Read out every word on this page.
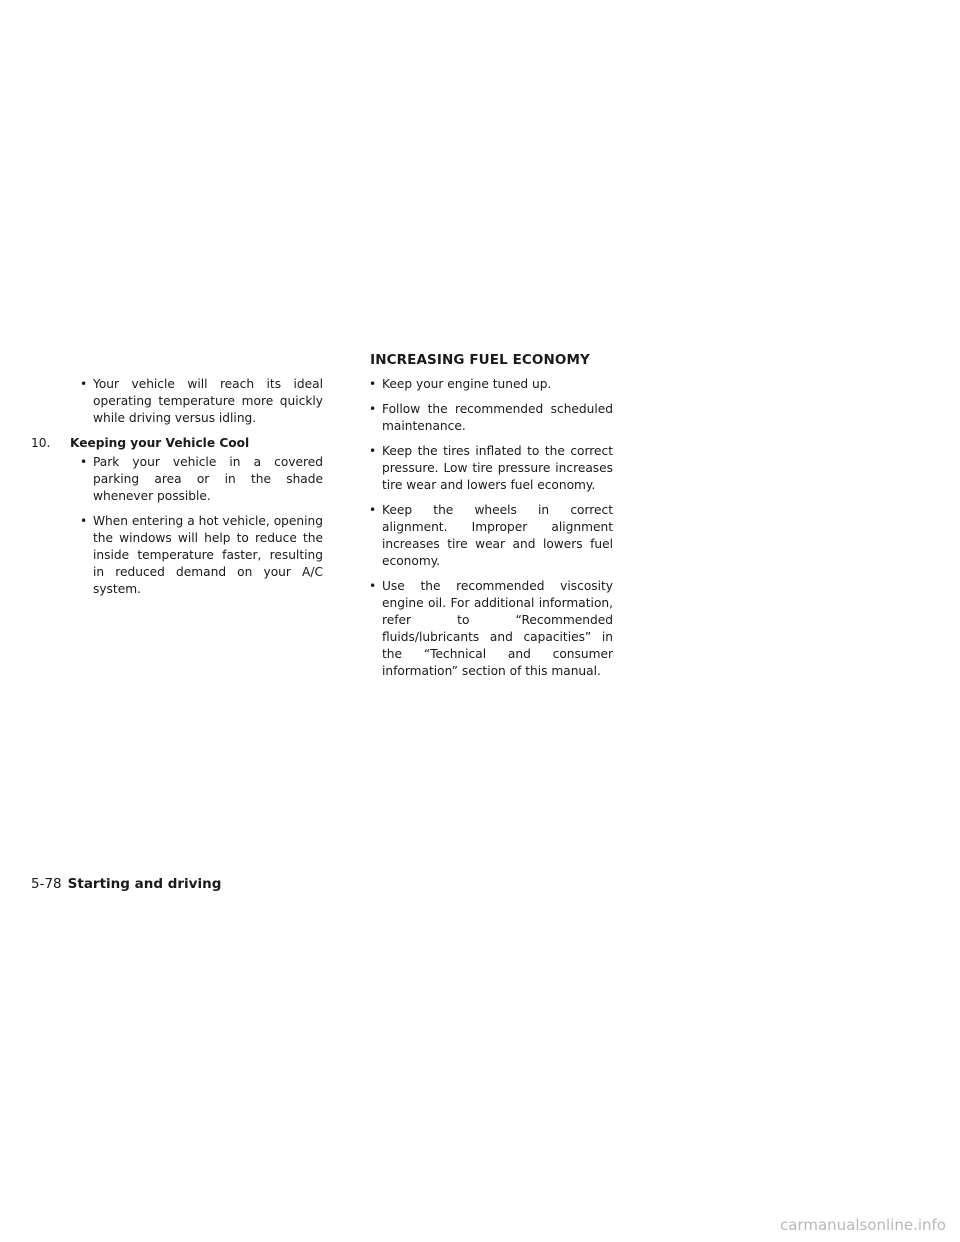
INCREASING FUEL ECONOMY
• Your vehicle will reach its ideal operating temperature more quickly while driving versus idling.
10. Keeping your Vehicle Cool
• Park your vehicle in a covered parking area or in the shade whenever possible.
• When entering a hot vehicle, opening the windows will help to reduce the inside temperature faster, resulting in reduced demand on your A/C system.
• Keep your engine tuned up.
• Follow the recommended scheduled maintenance.
• Keep the tires inflated to the correct pressure. Low tire pressure increases tire wear and lowers fuel economy.
• Keep the wheels in correct alignment. Improper alignment increases tire wear and lowers fuel economy.
• Use the recommended viscosity engine oil. For additional information, refer to “Recommended fluids/lubricants and capacities” in the “Technical and consumer information” section of this manual.
5-78 Starting and driving
carmanualsonline.info
